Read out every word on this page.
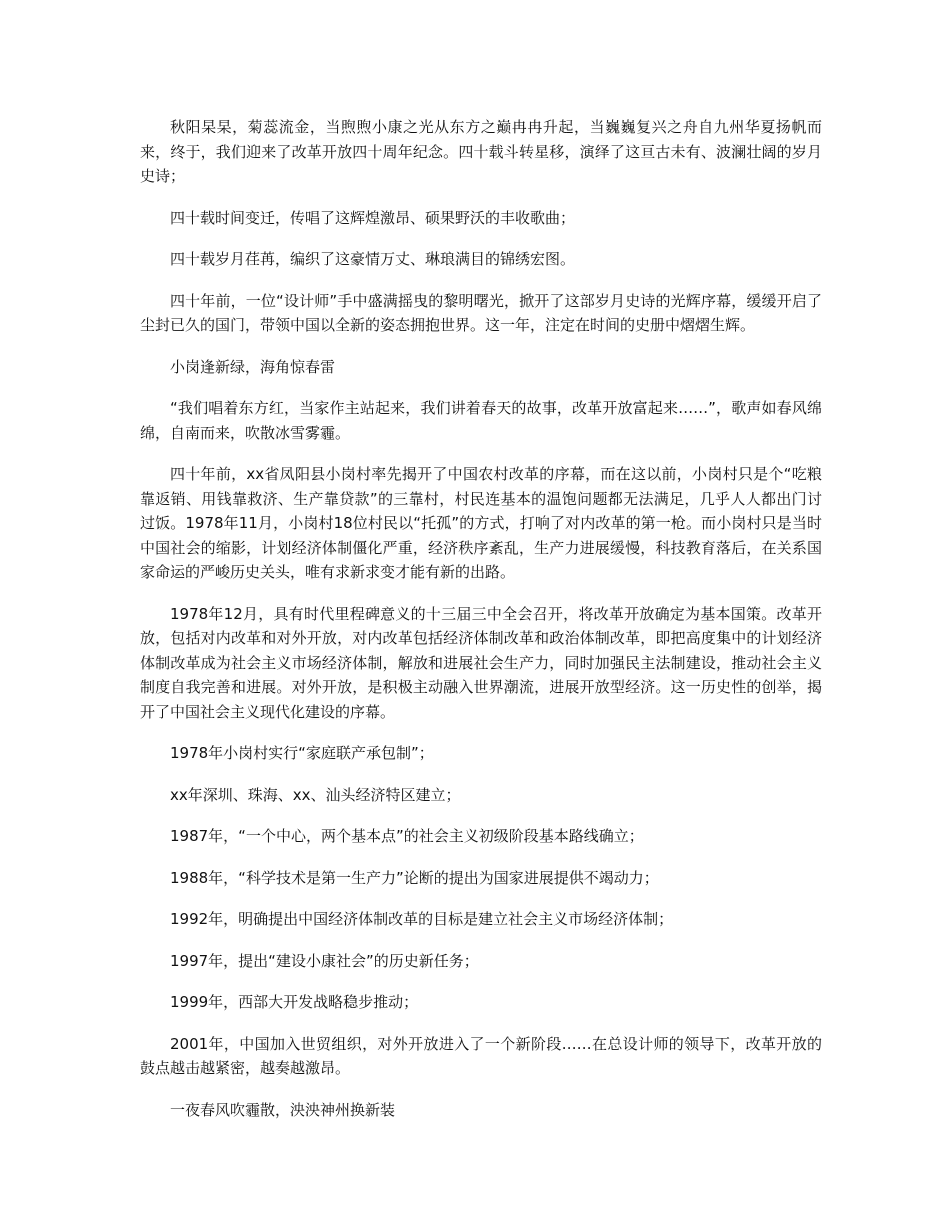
秋阳杲杲，菊蕊流金，当煦煦小康之光从东方之巅冉冉升起，当巍巍复兴之舟自九州华夏扬帆而来，终于，我们迎来了改革开放四十周年纪念。四十载斗转星移，演绎了这亘古未有、波澜壮阔的岁月史诗；

四十载时间变迁，传唱了这辉煌激昂、硕果野沃的丰收歌曲；

四十载岁月荏苒，编织了这豪情万丈、琳琅满目的锦绣宏图。

四十年前，一位“设计师”手中盛满摇曳的黎明曙光，掀开了这部岁月史诗的光辉序幕，缓缓开启了尘封已久的国门，带领中国以全新的姿态拥抱世界。这一年，注定在时间的史册中熠熠生辉。

小岗逢新绿，海角惊春雷

“我们唱着东方红，当家作主站起来，我们讲着春天的故事，改革开放富起来……”，歌声如春风绵绵，自南而来，吹散冰雪雾霾。

四十年前，xx省凤阳县小岗村率先揭开了中国农村改革的序幕，而在这以前，小岗村只是个“吃粮靠返销、用钱靠救济、生产靠贷款”的三靠村，村民连基本的温饱问题都无法满足，几乎人人都出门讨过饭。1978年11月，小岗村18位村民以“托孤”的方式，打响了对内改革的第一枪。而小岗村只是当时中国社会的缩影，计划经济体制僵化严重，经济秩序紊乱，生产力进展缓慢，科技教育落后，在关系国家命运的严峻历史关头，唯有求新求变才能有新的出路。

1978年12月，具有时代里程碑意义的十三届三中全会召开，将改革开放确定为基本国策。改革开放，包括对内改革和对外开放，对内改革包括经济体制改革和政治体制改革，即把高度集中的计划经济体制改革成为社会主义市场经济体制，解放和进展社会生产力，同时加强民主法制建设，推动社会主义制度自我完善和进展。对外开放，是积极主动融入世界潮流，进展开放型经济。这一历史性的创举，揭开了中国社会主义现代化建设的序幕。

1978年小岗村实行“家庭联产承包制”；

xx年深圳、珠海、xx、汕头经济特区建立；

1987年，“一个中心，两个基本点”的社会主义初级阶段基本路线确立；

1988年，“科学技术是第一生产力”论断的提出为国家进展提供不竭动力；

1992年，明确提出中国经济体制改革的目标是建立社会主义市场经济体制；

1997年，提出“建设小康社会”的历史新任务；

1999年，西部大开发战略稳步推动；

2001年，中国加入世贸组织，对外开放进入了一个新阶段……在总设计师的领导下，改革开放的鼓点越击越紧密，越奏越激昂。

一夜春风吹霾散，泱泱神州换新装
